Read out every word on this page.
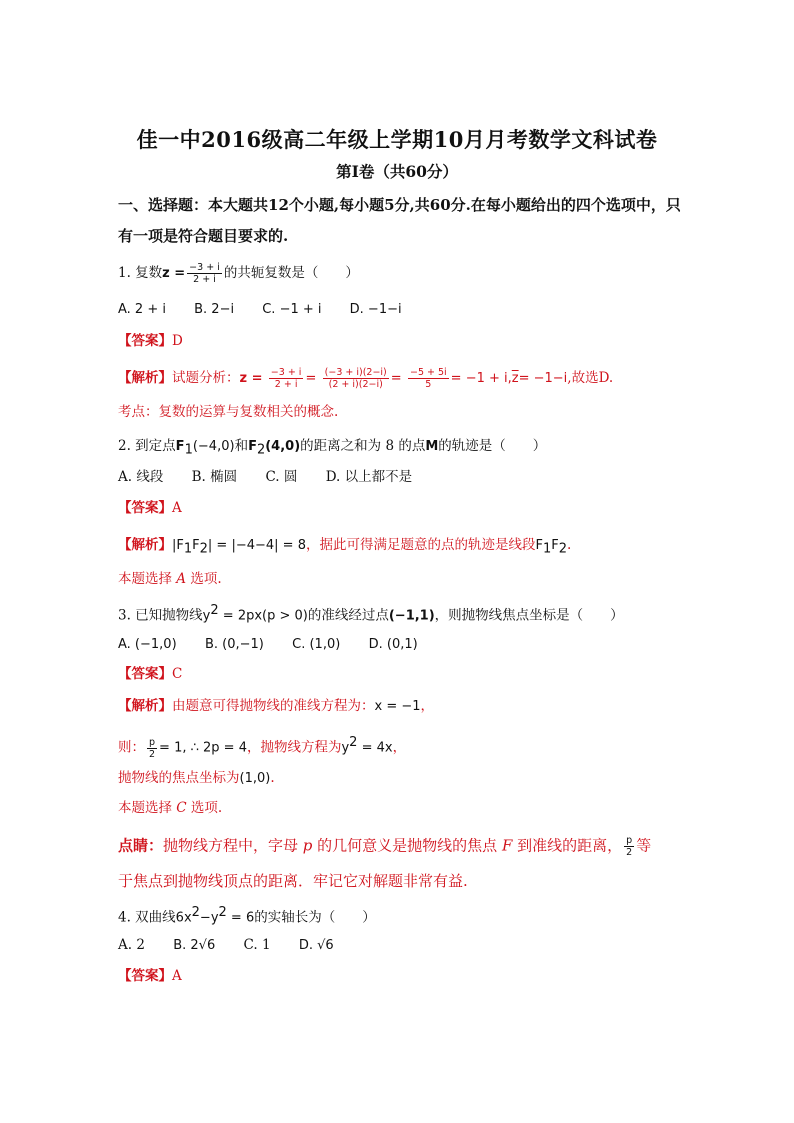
佳一中2016级高二年级上学期10月月考数学文科试卷
第Ⅰ卷（共60分）
一、选择题：本大题共12个小题,每小题5分,共60分.在每小题给出的四个选项中，只有一项是符合题目要求的.
1. 复数$z = \frac{-3 + i}{2 + i}$ 的共轭复数是（　　）
A. 2 + i B. 2−i C. −1 + i D. −1−i
【答案】D
【解析】试题分析：$z = \frac{-3 + i}{2 + i} = \frac{(-3 + i)(2-i)}{(2 + i)(2-i)} = \frac{-5 + 5i}{5} = -1 + i,\overline{z}= -1-i$,故选D.
考点：复数的运算与复数相关的概念.
2. 到定点$F_1(-4,0)$和$F_2(4,0)$的距离之和为 8 的点M的轨迹是（　　）
A. 线段 B. 椭圆 C. 圆 D. 以上都不是
【答案】A
【解析】$|F_1F_2| = |-4-4| = 8$，据此可得满足题意的点的轨迹是线段$F_1F_2$.
本题选择 A 选项.
3. 已知抛物线$y^2 = 2px(p > 0)$的准线经过点(−1,1)，则抛物线焦点坐标是（　　）
A. (−1,0) B. (0,−1) C. (1,0) D. (0,1)
【答案】C
【解析】由题意可得抛物线的准线方程为：x = −1，
则： $\frac{p}{2} = 1$, ∴ 2p = 4，抛物线方程为$y^2 = 4x$，
抛物线的焦点坐标为(1,0).
本题选择 C 选项.
点睛：抛物线方程中，字母 p 的几何意义是抛物线的焦点 F 到准线的距离， $\frac{p}{2}$ 等
于焦点到抛物线顶点的距离．牢记它对解题非常有益.
4. 双曲线$6x^2-y^2 = 6$的实轴长为（　　）
A. 2 B. 2√6 C. 1 D. √6
【答案】A
